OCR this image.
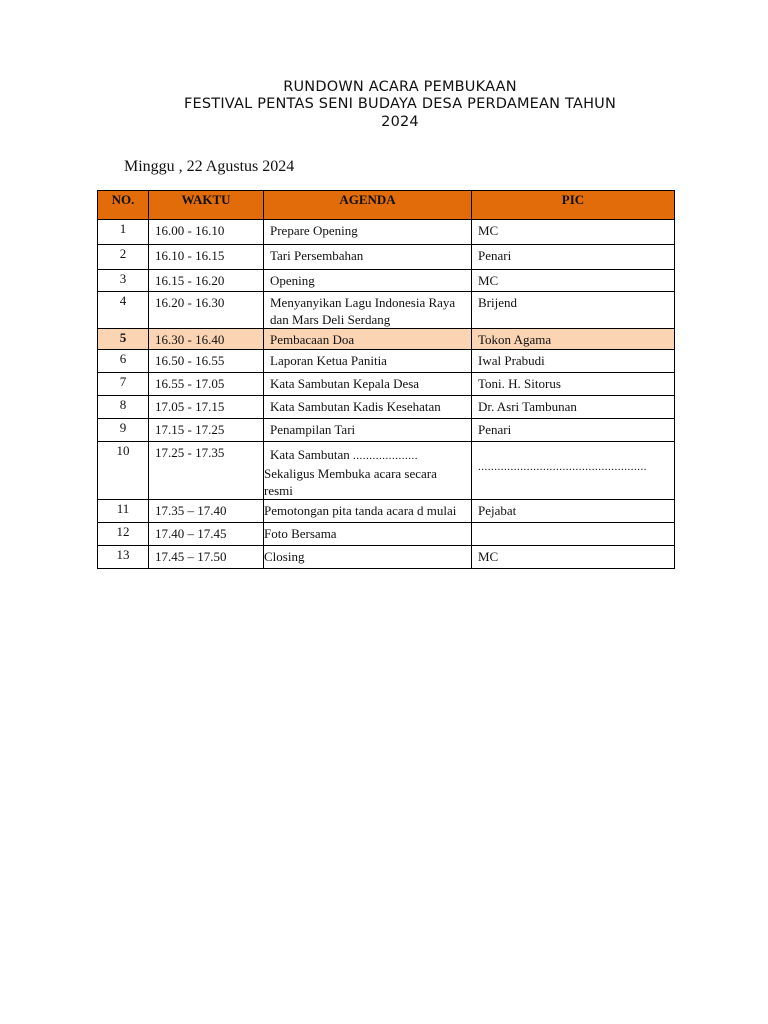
RUNDOWN ACARA PEMBUKAAN
FESTIVAL PENTAS SENI BUDAYA DESA PERDAMEAN TAHUN
2024
Minggu , 22 Agustus 2024
NO.	WAKTU	AGENDA	PIC
1	16.00 - 16.10	Prepare Opening	MC
2	16.10 - 16.15	Tari Persembahan	Penari
3	16.15 - 16.20	Opening	MC
4	16.20 - 16.30	Menyanyikan Lagu Indonesia Raya dan Mars Deli Serdang	Brijend
5	16.30 - 16.40	Pembacaan Doa	Tokon Agama
6	16.50 - 16.55	Laporan Ketua Panitia	Iwal Prabudi
7	16.55 - 17.05	Kata Sambutan Kepala Desa	Toni. H. Sitorus
8	17.05 - 17.15	Kata Sambutan Kadis Kesehatan	Dr. Asri Tambunan
9	17.15 - 17.25	Penampilan Tari	Penari
10	17.25 - 17.35	Kata Sambutan ....................
Sekaligus Membuka acara secara
resmi	....................................................

11	17.35 – 17.40	Pemotongan pita tanda acara d mulai	Pejabat
12	17.40 – 17.45	Foto Bersama	
13	17.45 – 17.50	Closing	MC
